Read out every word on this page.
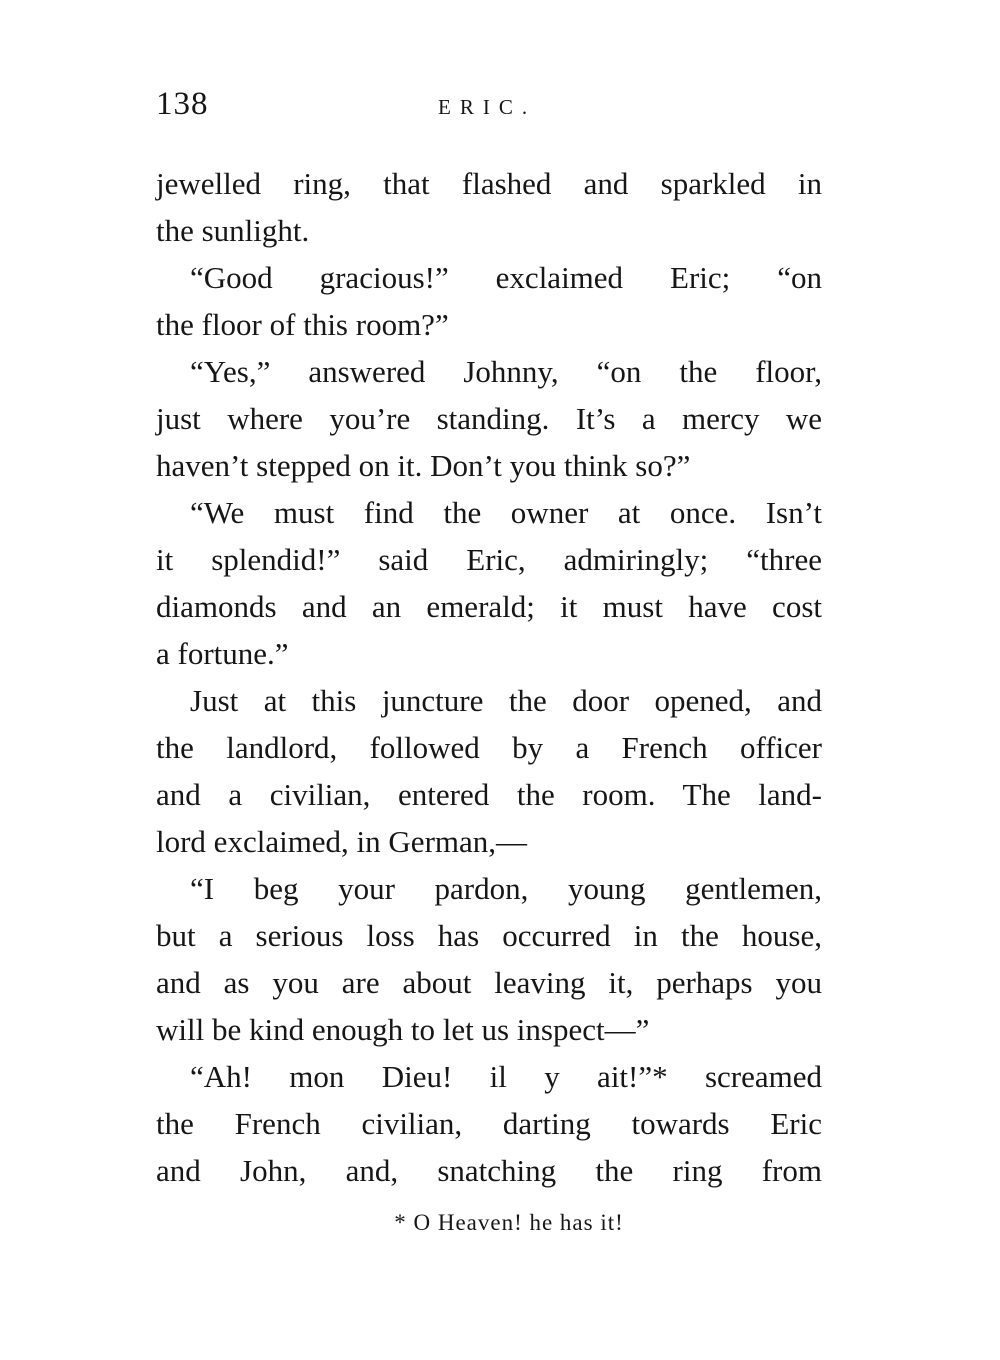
138	ERIC.
jewelled ring, that flashed and sparkled in
the sunlight.
“Good gracious!” exclaimed Eric; “on
the floor of this room?”
“Yes,” answered Johnny, “on the floor,
just where you’re standing. It’s a mercy we
haven’t stepped on it. Don’t you think so?”
“We must find the owner at once. Isn’t
it splendid!” said Eric, admiringly; “three
diamonds and an emerald; it must have cost
a fortune.”
Just at this juncture the door opened, and
the landlord, followed by a French officer
and a civilian, entered the room. The land-
lord exclaimed, in German,—
“I beg your pardon, young gentlemen,
but a serious loss has occurred in the house,
and as you are about leaving it, perhaps you
will be kind enough to let us inspect—”
“Ah! mon Dieu! il y ait!”* screamed
the French civilian, darting towards Eric
and John, and, snatching the ring from
* O Heaven! he has it!
